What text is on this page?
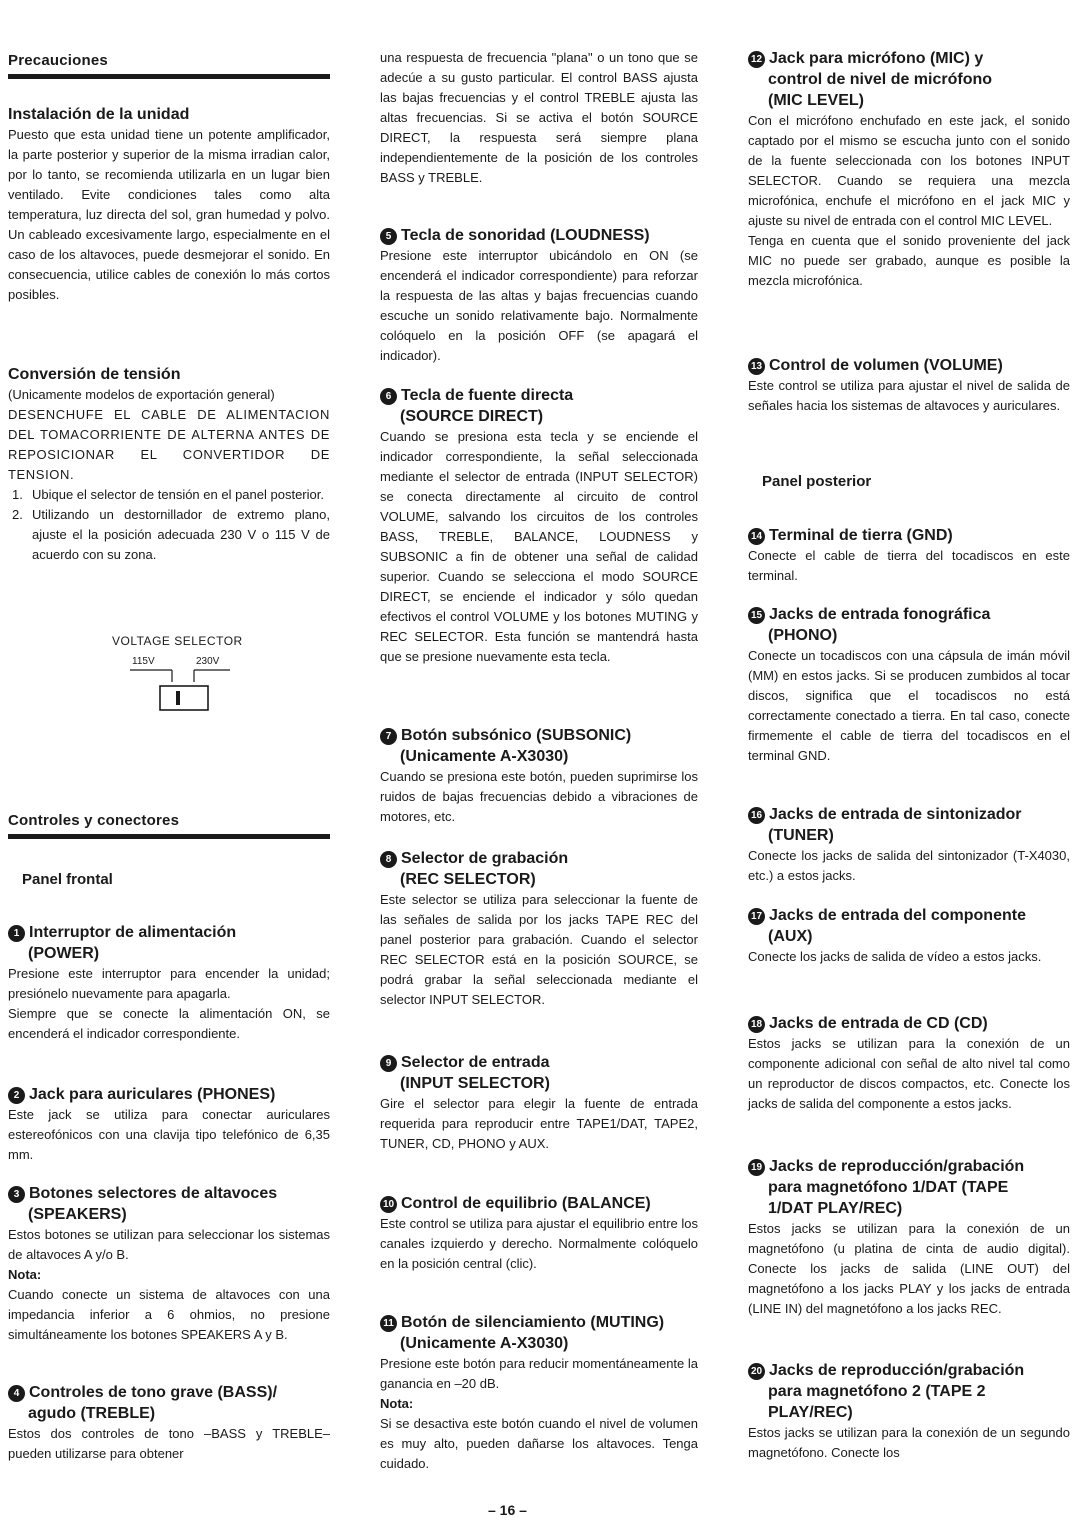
Precauciones

Instalación de la unidad

Puesto que esta unidad tiene un potente amplificador, la parte posterior y superior de la misma irradian calor, por lo tanto, se recomienda utilizarla en un lugar bien ventilado. Evite condiciones tales como alta temperatura, luz directa del sol, gran humedad y polvo. Un cableado excesivamente largo, especialmente en el caso de los altavoces, puede desmejorar el sonido. En consecuencia, utilice cables de conexión lo más cortos posibles.

Conversión de tensión

(Unicamente modelos de exportación general)

DESENCHUFE EL CABLE DE ALIMENTACION DEL TOMACORRIENTE DE ALTERNA ANTES DE REPOSICIONAR EL CONVERTIDOR DE TENSION.

1. Ubique el selector de tensión en el panel posterior.
2. Utilizando un destornillador de extremo plano, ajuste el la posición adecuada 230 V o 115 V de acuerdo con su zona.
VOLTAGE SELECTOR
115V	230V

Controles y conectores

Panel frontal

1 Interruptor de alimentación
(POWER)

Presione este interruptor para encender la unidad; presiónelo nuevamente para apagarla.

Siempre que se conecte la alimentación ON, se encenderá el indicador correspondiente.

2 Jack para auriculares (PHONES)

Este jack se utiliza para conectar auriculares estereofónicos con una clavija tipo telefónico de 6,35 mm.

3 Botones selectores de altavoces
(SPEAKERS)

Estos botones se utilizan para seleccionar los sistemas de altavoces A y/o B.

Nota:

Cuando conecte un sistema de altavoces con una impedancia inferior a 6 ohmios, no presione simultáneamente los botones SPEAKERS A y B.

4 Controles de tono grave (BASS)/
agudo (TREBLE)

Estos dos controles de tono –BASS y TREBLE– pueden utilizarse para obtener

una respuesta de frecuencia "plana" o un tono que se adecúe a su gusto particular. El control BASS ajusta las bajas frecuencias y el control TREBLE ajusta las altas frecuencias. Si se activa el botón SOURCE DIRECT, la respuesta será siempre plana independientemente de la posición de los controles BASS y TREBLE.

5 Tecla de sonoridad (LOUDNESS)

Presione este interruptor ubicándolo en ON (se encenderá el indicador correspondiente) para reforzar la respuesta de las altas y bajas frecuencias cuando escuche un sonido relativamente bajo. Normalmente colóquelo en la posición OFF (se apagará el indicador).

6 Tecla de fuente directa
(SOURCE DIRECT)

Cuando se presiona esta tecla y se enciende el indicador correspondiente, la señal seleccionada mediante el selector de entrada (INPUT SELECTOR) se conecta directamente al circuito de control VOLUME, salvando los circuitos de los controles BASS, TREBLE, BALANCE, LOUDNESS y SUBSONIC a fin de obtener una señal de calidad superior. Cuando se selecciona el modo SOURCE DIRECT, se enciende el indicador y sólo quedan efectivos el control VOLUME y los botones MUTING y REC SELECTOR. Esta función se mantendrá hasta que se presione nuevamente esta tecla.

7 Botón subsónico (SUBSONIC)
(Unicamente A-X3030)

Cuando se presiona este botón, pueden suprimirse los ruidos de bajas frecuencias debido a vibraciones de motores, etc.

8 Selector de grabación
(REC SELECTOR)

Este selector se utiliza para seleccionar la fuente de las señales de salida por los jacks TAPE REC del panel posterior para grabación. Cuando el selector REC SELECTOR está en la posición SOURCE, se podrá grabar la señal seleccionada mediante el selector INPUT SELECTOR.

9 Selector de entrada
(INPUT SELECTOR)

Gire el selector para elegir la fuente de entrada requerida para reproducir entre TAPE1/DAT, TAPE2, TUNER, CD, PHONO y AUX.

10 Control de equilibrio (BALANCE)

Este control se utiliza para ajustar el equilibrio entre los canales izquierdo y derecho. Normalmente colóquelo en la posición central (clic).

11 Botón de silenciamiento (MUTING)
(Unicamente A-X3030)

Presione este botón para reducir momentáneamente la ganancia en –20 dB.

Nota:

Si se desactiva este botón cuando el nivel de volumen es muy alto, pueden dañarse los altavoces. Tenga cuidado.

12 Jack para micrófono (MIC) y
control de nivel de micrófono
(MIC LEVEL)

Con el micrófono enchufado en este jack, el sonido captado por el mismo se escucha junto con el sonido de la fuente seleccionada con los botones INPUT SELECTOR. Cuando se requiera una mezcla microfónica, enchufe el micrófono en el jack MIC y ajuste su nivel de entrada con el control MIC LEVEL.

Tenga en cuenta que el sonido proveniente del jack MIC no puede ser grabado, aunque es posible la mezcla microfónica.

13 Control de volumen (VOLUME)

Este control se utiliza para ajustar el nivel de salida de señales hacia los sistemas de altavoces y auriculares.

Panel posterior

14 Terminal de tierra (GND)

Conecte el cable de tierra del tocadiscos en este terminal.

15 Jacks de entrada fonográfica
(PHONO)

Conecte un tocadiscos con una cápsula de imán móvil (MM) en estos jacks. Si se producen zumbidos al tocar discos, significa que el tocadiscos no está correctamente conectado a tierra. En tal caso, conecte firmemente el cable de tierra del tocadiscos en el terminal GND.

16 Jacks de entrada de sintonizador
(TUNER)

Conecte los jacks de salida del sintonizador (T-X4030, etc.) a estos jacks.

17 Jacks de entrada del componente
(AUX)

Conecte los jacks de salida de vídeo a estos jacks.

18 Jacks de entrada de CD (CD)

Estos jacks se utilizan para la conexión de un componente adicional con señal de alto nivel tal como un reproductor de discos compactos, etc. Conecte los jacks de salida del componente a estos jacks.

19 Jacks de reproducción/grabación
para magnetófono 1/DAT (TAPE
1/DAT PLAY/REC)

Estos jacks se utilizan para la conexión de un magnetófono (u platina de cinta de audio digital). Conecte los jacks de salida (LINE OUT) del magnetófono a los jacks PLAY y los jacks de entrada (LINE IN) del magnetófono a los jacks REC.

20 Jacks de reproducción/grabación
para magnetófono 2 (TAPE 2
PLAY/REC)

Estos jacks se utilizan para la conexión de un segundo magnetófono. Conecte los

– 16 –
